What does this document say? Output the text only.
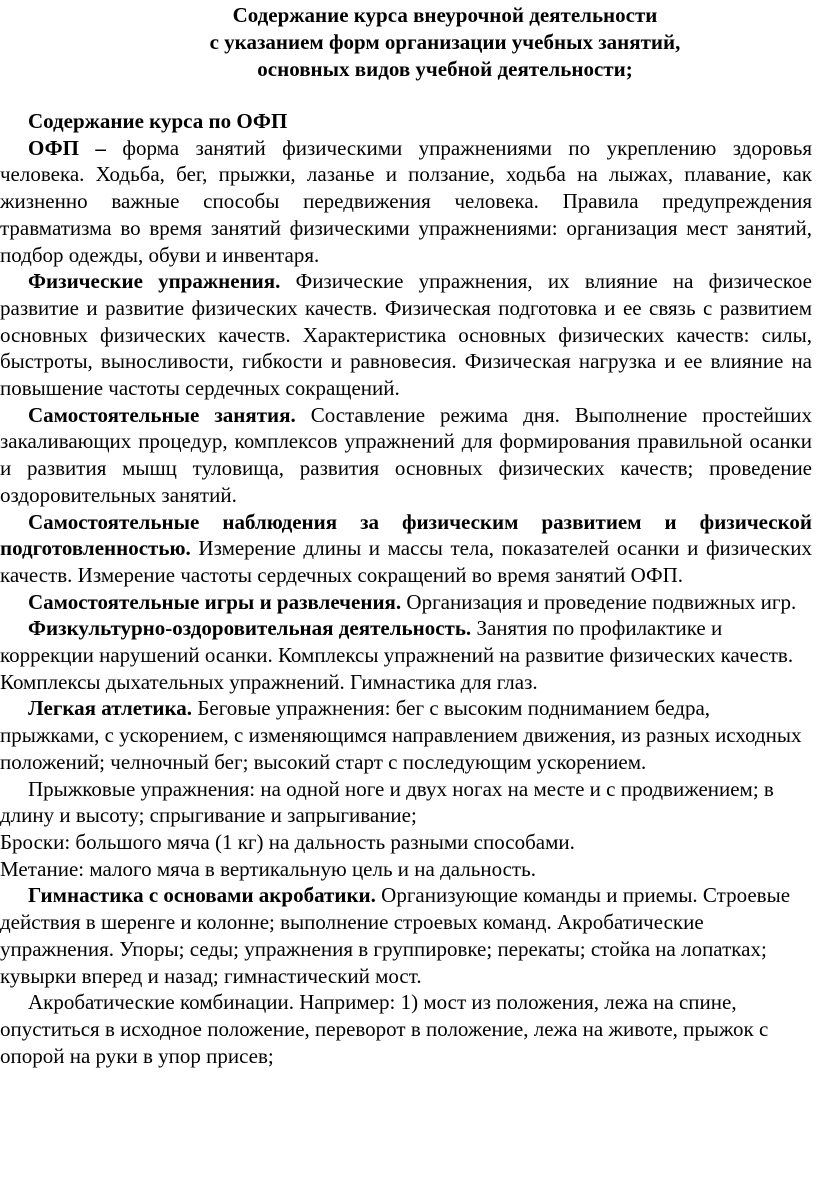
Содержание курса внеурочной деятельности
с указанием форм организации учебных занятий,
основных видов учебной деятельности;

Содержание курса по ОФП

ОФП – форма занятий физическими упражнениями по укреплению здоровья человека. Ходьба, бег, прыжки, лазанье и ползание, ходьба на лыжах, плавание, как жизненно важные способы передвижения человека. Правила предупреждения травматизма во время занятий физическими упражнениями: организация мест занятий, подбор одежды, обуви и инвентаря.

Физические упражнения. Физические упражнения, их влияние на физическое развитие и развитие физических качеств. Физическая подготовка и ее связь с развитием основных физических качеств. Характеристика основных физических качеств: силы, быстроты, выносливости, гибкости и равновесия. Физическая нагрузка и ее влияние на повышение частоты сердечных сокращений.

Самостоятельные занятия. Составление режима дня. Выполнение простейших закаливающих процедур, комплексов упражнений для формирования правильной осанки и развития мышц туловища, развития основных физических качеств; проведение оздоровительных занятий.

Самостоятельные наблюдения за физическим развитием и физической подготовленностью. Измерение длины и массы тела, показателей осанки и физических качеств. Измерение частоты сердечных сокращений во время занятий ОФП.

Самостоятельные игры и развлечения. Организация и проведение подвижных игр.

Физкультурно-оздоровительная деятельность. Занятия по профилактике и коррекции нарушений осанки. Комплексы упражнений на развитие физических качеств. Комплексы дыхательных упражнений. Гимнастика для глаз.

Легкая атлетика. Беговые упражнения: бег с высоким подниманием бедра, прыжками, с ускорением, с изменяющимся направлением движения, из разных исходных положений; челночный бег; высокий старт с последующим ускорением.

Прыжковые упражнения: на одной ноге и двух ногах на месте и с продвижением; в длину и высоту; спрыгивание и запрыгивание;

Броски: большого мяча (1 кг) на дальность разными способами.

Метание: малого мяча в вертикальную цель и на дальность.

Гимнастика с основами акробатики. Организующие команды и приемы. Строевые действия в шеренге и колонне; выполнение строевых команд. Акробатические упражнения. Упоры; седы; упражнения в группировке; перекаты; стойка на лопатках; кувырки вперед и назад; гимнастический мост.

Акробатические комбинации. Например: 1) мост из положения, лежа на спине, опуститься в исходное положение, переворот в положение, лежа на животе, прыжок с опорой на руки в упор присев;
